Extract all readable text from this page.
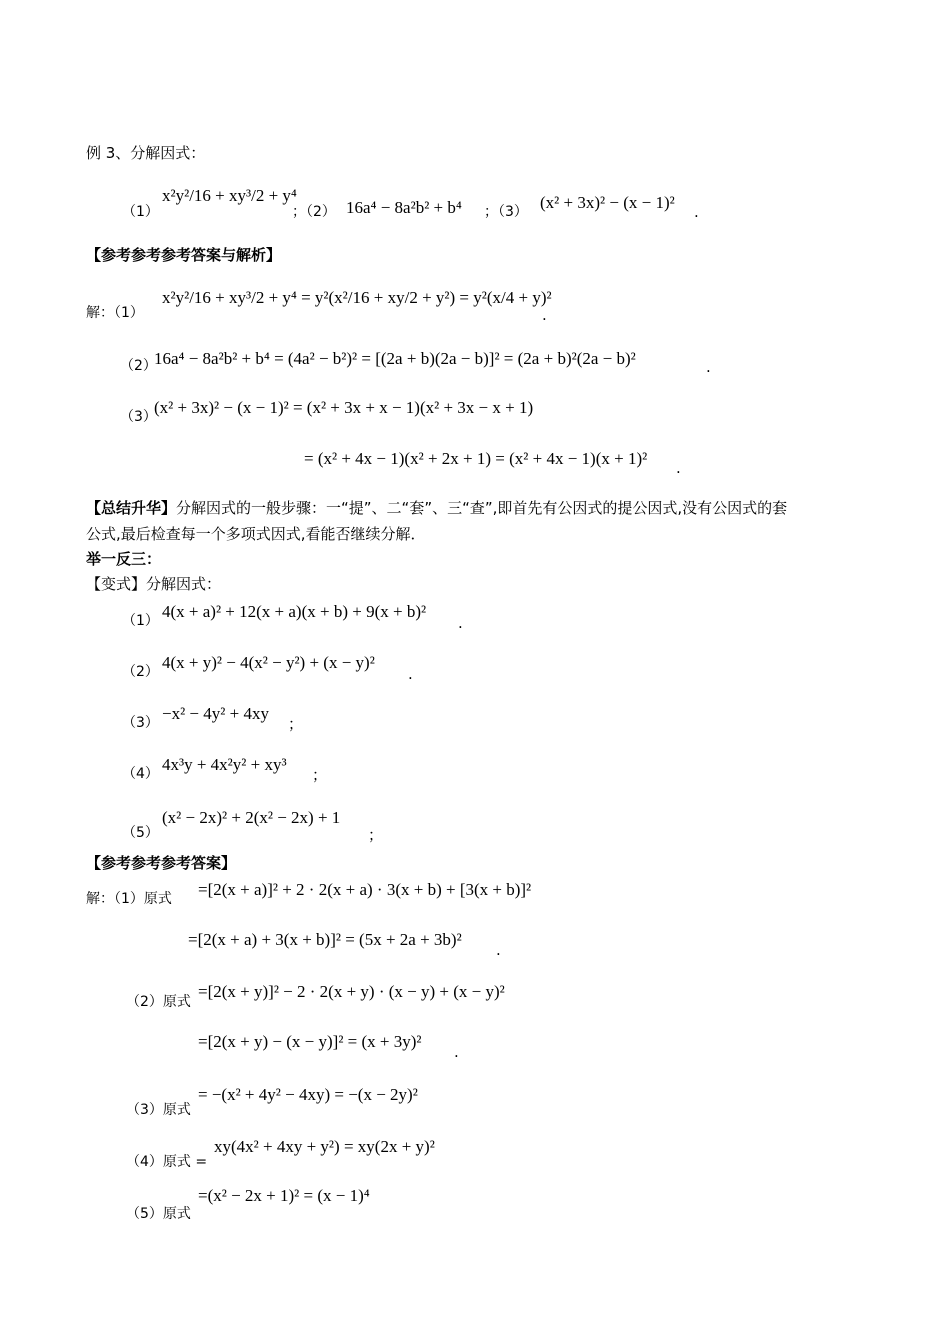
例 3、分解因式：
（1）
x²y²/16 + xy³/2 + y⁴
；（2） 16a⁴ − 8a²b² + b⁴ ；（3） (x² + 3x)² − (x − 1)² .
【参考参考参考答案与解析】
解：（1）
x²y²/16 + xy³/2 + y⁴ = y²(x²/16 + xy/2 + y²) = y²(x/4 + y)²
.
（2）
16a⁴ − 8a²b² + b⁴ = (4a² − b²)² = [(2a + b)(2a − b)]² = (2a + b)²(2a − b)²	.
（3）
(x² + 3x)² − (x − 1)² = (x² + 3x + x − 1)(x² + 3x − x + 1)
= (x² + 4x − 1)(x² + 2x + 1) = (x² + 4x − 1)(x + 1)² .
【总结升华】分解因式的一般步骤：一“提”、二“套”、三“查”,即首先有公因式的提公因式,没有公因式的套
公式,最后检查每一个多项式因式,看能否继续分解．
举一反三：
【变式】分解因式：
（1） 4(x + a)² + 12(x + a)(x + b) + 9(x + b)²
.
（2） 4(x + y)² − 4(x² − y²) + (x − y)²
.
（3） −x² − 4y² + 4xy
；
（4） 4x³y + 4x²y² + xy³
；
（5）
(x² − 2x)² + 2(x² − 2x) + 1
；
【参考参考参考答案】
解：（1）原式 =[2(x + a)]² + 2 · 2(x + a) · 3(x + b) + [3(x + b)]²
=[2(x + a) + 3(x + b)]² = (5x + 2a + 3b)²
.
（2）原式
=[2(x + y)]² − 2 · 2(x + y) · (x − y) + (x − y)²
=[2(x + y) − (x − y)]² = (x + 3y)²
.
（3）原式
= −(x² + 4y² − 4xy) = −(x − 2y)²
（4）原式 =
xy(4x² + 4xy + y²) = xy(2x + y)²
（5）原式
=(x² − 2x + 1)² = (x − 1)⁴
